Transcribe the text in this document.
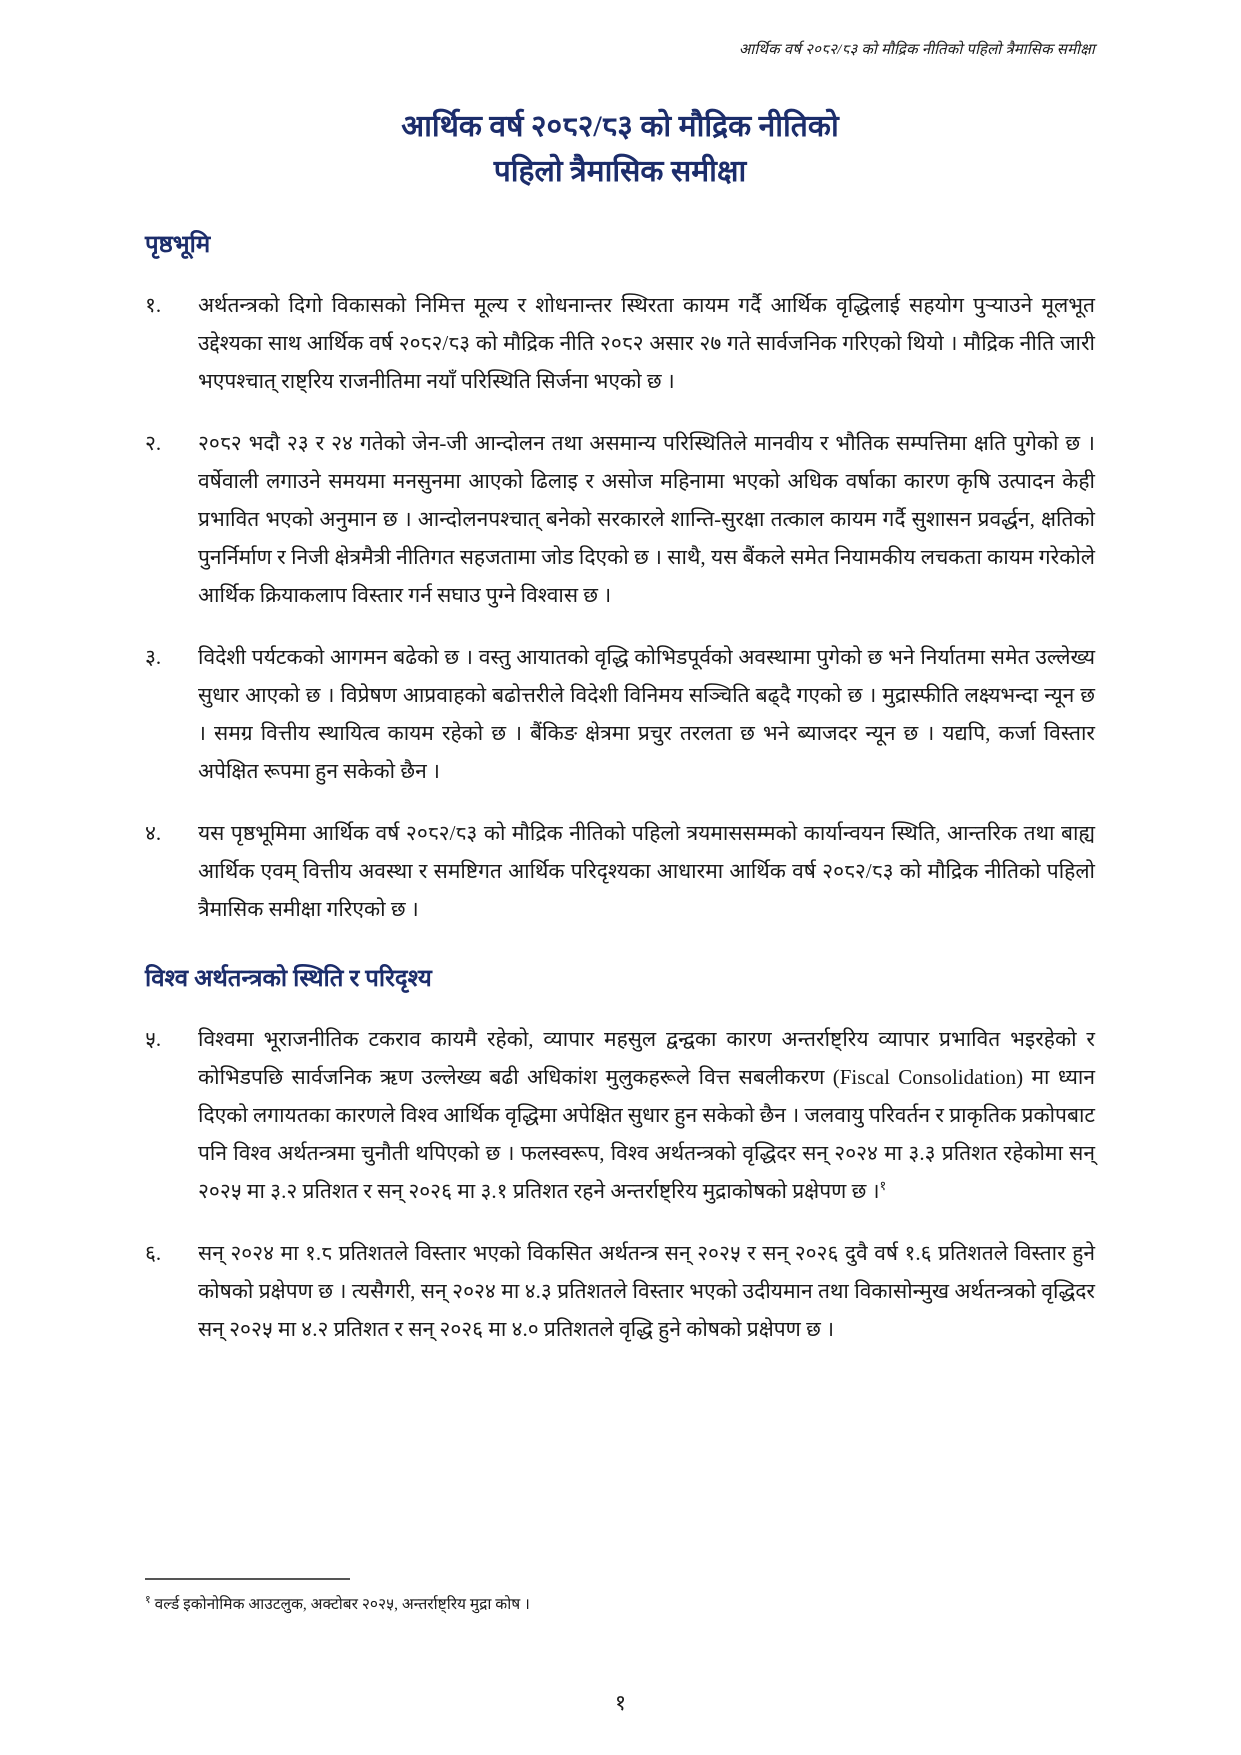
आर्थिक वर्ष २०८२/८३ को मौद्रिक नीतिको पहिलो त्रैमासिक समीक्षा
आर्थिक वर्ष २०८२/८३ को मौद्रिक नीतिको
पहिलो त्रैमासिक समीक्षा
पृष्ठभूमि
१.	अर्थतन्त्रको दिगो विकासको निमित्त मूल्य र शोधनान्तर स्थिरता कायम गर्दै आर्थिक वृद्धिलाई सहयोग पुर्‍याउने मूलभूत उद्देश्यका साथ आर्थिक वर्ष २०८२/८३ को मौद्रिक नीति २०८२ असार २७ गते सार्वजनिक गरिएको थियो । मौद्रिक नीति जारी भएपश्चात् राष्ट्रिय राजनीतिमा नयाँ परिस्थिति सिर्जना भएको छ ।
२.	२०८२ भदौ २३ र २४ गतेको जेन-जी आन्दोलन तथा असमान्य परिस्थितिले मानवीय र भौतिक सम्पत्तिमा क्षति पुगेको छ । वर्षेवाली लगाउने समयमा मनसुनमा आएको ढिलाइ र असोज महिनामा भएको अधिक वर्षाका कारण कृषि उत्पादन केही प्रभावित भएको अनुमान छ । आन्दोलनपश्चात् बनेको सरकारले शान्ति-सुरक्षा तत्काल कायम गर्दै सुशासन प्रवर्द्धन, क्षतिको पुनर्निर्माण र निजी क्षेत्रमैत्री नीतिगत सहजतामा जोड दिएको छ । साथै, यस बैंकले समेत नियामकीय लचकता कायम गरेकोले आर्थिक क्रियाकलाप विस्तार गर्न सघाउ पुग्ने विश्वास छ ।
३.	विदेशी पर्यटकको आगमन बढेको छ । वस्तु आयातको वृद्धि कोभिडपूर्वको अवस्थामा पुगेको छ भने निर्यातमा समेत उल्लेख्य सुधार आएको छ । विप्रेषण आप्रवाहको बढोत्तरीले विदेशी विनिमय सञ्चिति बढ्दै गएको छ । मुद्रास्फीति लक्ष्यभन्दा न्यून छ । समग्र वित्तीय स्थायित्व कायम रहेको छ । बैंकिङ क्षेत्रमा प्रचुर तरलता छ भने ब्याजदर न्यून छ । यद्यपि, कर्जा विस्तार अपेक्षित रूपमा हुन सकेको छैन ।
४.	यस पृष्ठभूमिमा आर्थिक वर्ष २०८२/८३ को मौद्रिक नीतिको पहिलो त्रयमाससम्मको कार्यान्वयन स्थिति, आन्तरिक तथा बाह्य आर्थिक एवम् वित्तीय अवस्था र समष्टिगत आर्थिक परिदृश्यका आधारमा आर्थिक वर्ष २०८२/८३ को मौद्रिक नीतिको पहिलो त्रैमासिक समीक्षा गरिएको छ ।
विश्व अर्थतन्त्रको स्थिति र परिदृश्य
५.	विश्वमा भूराजनीतिक टकराव कायमै रहेको, व्यापार महसुल द्वन्द्वका कारण अन्तर्राष्ट्रिय व्यापार प्रभावित भइरहेको र कोभिडपछि सार्वजनिक ऋण उल्लेख्य बढी अधिकांश मुलुकहरूले वित्त सबलीकरण (Fiscal Consolidation) मा ध्यान दिएको लगायतका कारणले विश्व आर्थिक वृद्धिमा अपेक्षित सुधार हुन सकेको छैन । जलवायु परिवर्तन र प्राकृतिक प्रकोपबाट पनि विश्व अर्थतन्त्रमा चुनौती थपिएको छ । फलस्वरूप, विश्व अर्थतन्त्रको वृद्धिदर सन् २०२४ मा ३.३ प्रतिशत रहेकोमा सन् २०२५ मा ३.२ प्रतिशत र सन् २०२६ मा ३.१ प्रतिशत रहने अन्तर्राष्ट्रिय मुद्राकोषको प्रक्षेपण छ ।$^१$
६.	सन् २०२४ मा १.८ प्रतिशतले विस्तार भएको विकसित अर्थतन्त्र सन् २०२५ र सन् २०२६ दुवै वर्ष १.६ प्रतिशतले विस्तार हुने कोषको प्रक्षेपण छ । त्यसैगरी, सन् २०२४ मा ४.३ प्रतिशतले विस्तार भएको उदीयमान तथा विकासोन्मुख अर्थतन्त्रको वृद्धिदर सन् २०२५ मा ४.२ प्रतिशत र सन् २०२६ मा ४.० प्रतिशतले वृद्धि हुने कोषको प्रक्षेपण छ ।
$^१$ वर्ल्ड इकोनोमिक आउटलुक, अक्टोबर २०२५, अन्तर्राष्ट्रिय मुद्रा कोष ।
१
